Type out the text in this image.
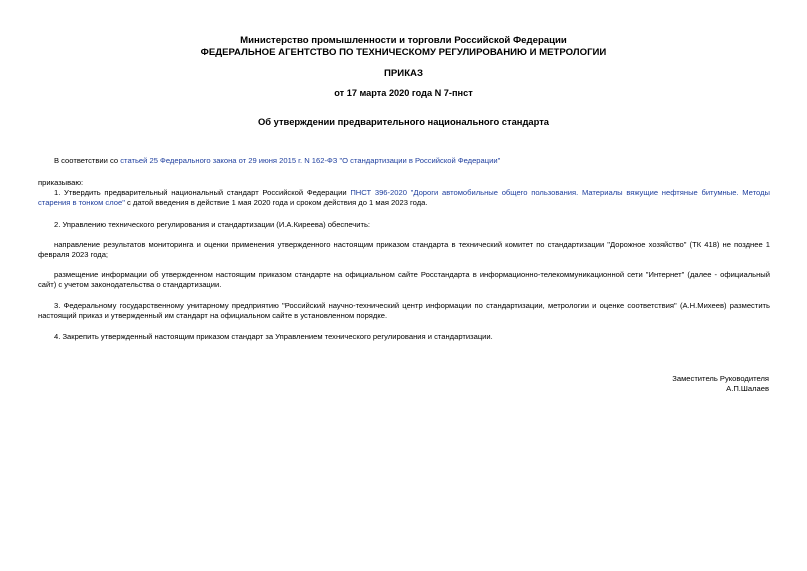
Министерство промышленности и торговли Российской Федерации
ФЕДЕРАЛЬНОЕ АГЕНТСТВО ПО ТЕХНИЧЕСКОМУ РЕГУЛИРОВАНИЮ И МЕТРОЛОГИИ
ПРИКАЗ
от 17 марта 2020 года N 7-пнст
Об утверждении предварительного национального стандарта
В соответствии со статьей 25 Федерального закона от 29 июня 2015 г. N 162-ФЗ "О стандартизации в Российской Федерации"
приказываю:
1. Утвердить предварительный национальный стандарт Российской Федерации ПНСТ 396-2020 "Дороги автомобильные общего пользования. Материалы вяжущие нефтяные битумные. Методы старения в тонком слое" с датой введения в действие 1 мая 2020 года и сроком действия до 1 мая 2023 года.
2. Управлению технического регулирования и стандартизации (И.А.Киреева) обеспечить:
направление результатов мониторинга и оценки применения утвержденного настоящим приказом стандарта в технический комитет по стандартизации "Дорожное хозяйство" (ТК 418) не позднее 1 февраля 2023 года;
размещение информации об утвержденном настоящим приказом стандарте на официальном сайте Росстандарта в информационно-телекоммуникационной сети "Интернет" (далее - официальный сайт) с учетом законодательства о стандартизации.
3. Федеральному государственному унитарному предприятию "Российский научно-технический центр информации по стандартизации, метрологии и оценке соответствия" (А.Н.Михеев) разместить настоящий приказ и утвержденный им стандарт на официальном сайте в установленном порядке.
4. Закрепить утвержденный настоящим приказом стандарт за Управлением технического регулирования и стандартизации.
Заместитель Руководителя
А.П.Шалаев
